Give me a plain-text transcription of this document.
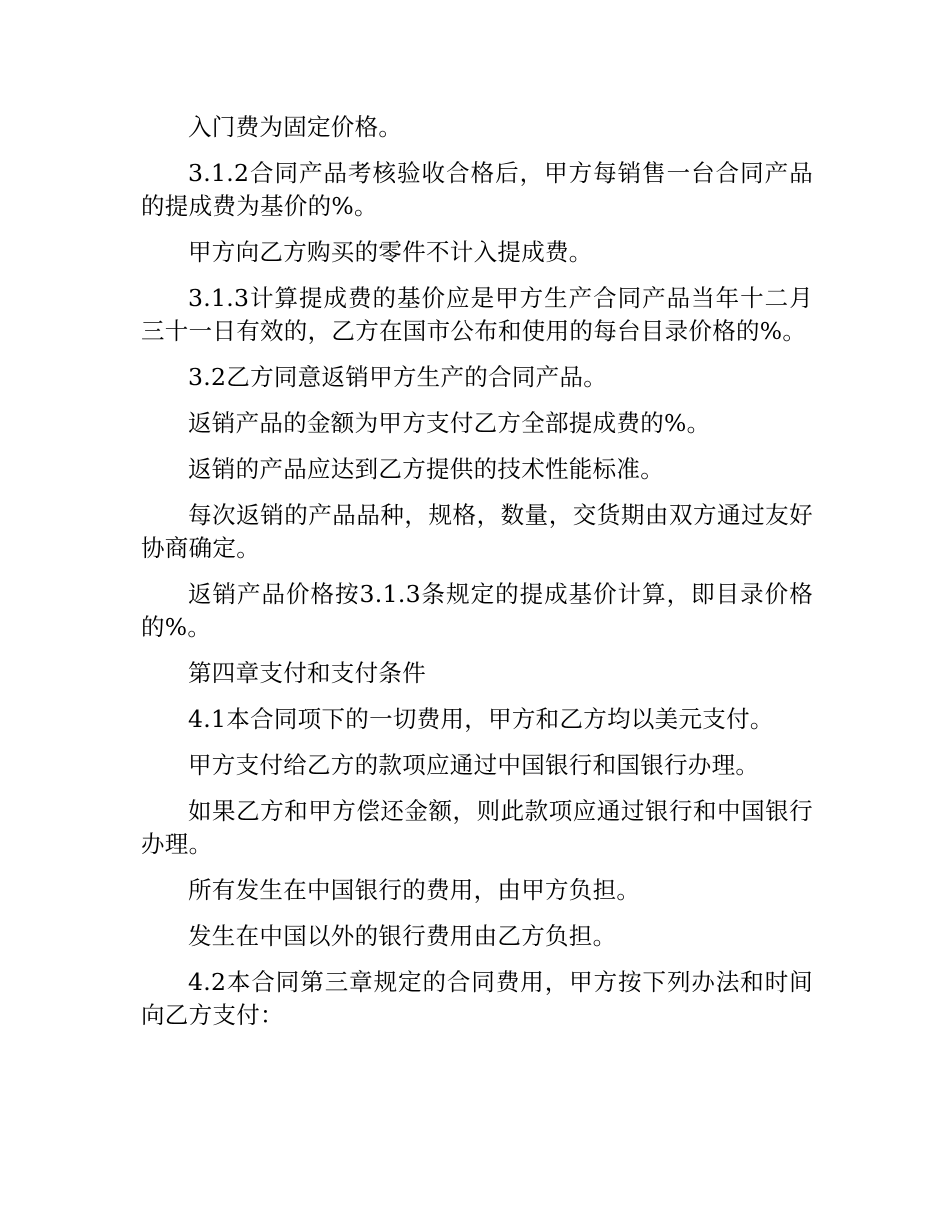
入门费为固定价格。

3.1.2合同产品考核验收合格后，甲方每销售一台合同产品的提成费为基价的%。

甲方向乙方购买的零件不计入提成费。

3.1.3计算提成费的基价应是甲方生产合同产品当年十二月三十一日有效的，乙方在国市公布和使用的每台目录价格的%。

3.2乙方同意返销甲方生产的合同产品。

返销产品的金额为甲方支付乙方全部提成费的%。

返销的产品应达到乙方提供的技术性能标准。

每次返销的产品品种，规格，数量，交货期由双方通过友好协商确定。

返销产品价格按3.1.3条规定的提成基价计算，即目录价格的%。

第四章支付和支付条件

4.1本合同项下的一切费用，甲方和乙方均以美元支付。

甲方支付给乙方的款项应通过中国银行和国银行办理。

如果乙方和甲方偿还金额，则此款项应通过银行和中国银行办理。

所有发生在中国银行的费用，由甲方负担。

发生在中国以外的银行费用由乙方负担。

4.2本合同第三章规定的合同费用，甲方按下列办法和时间向乙方支付：
